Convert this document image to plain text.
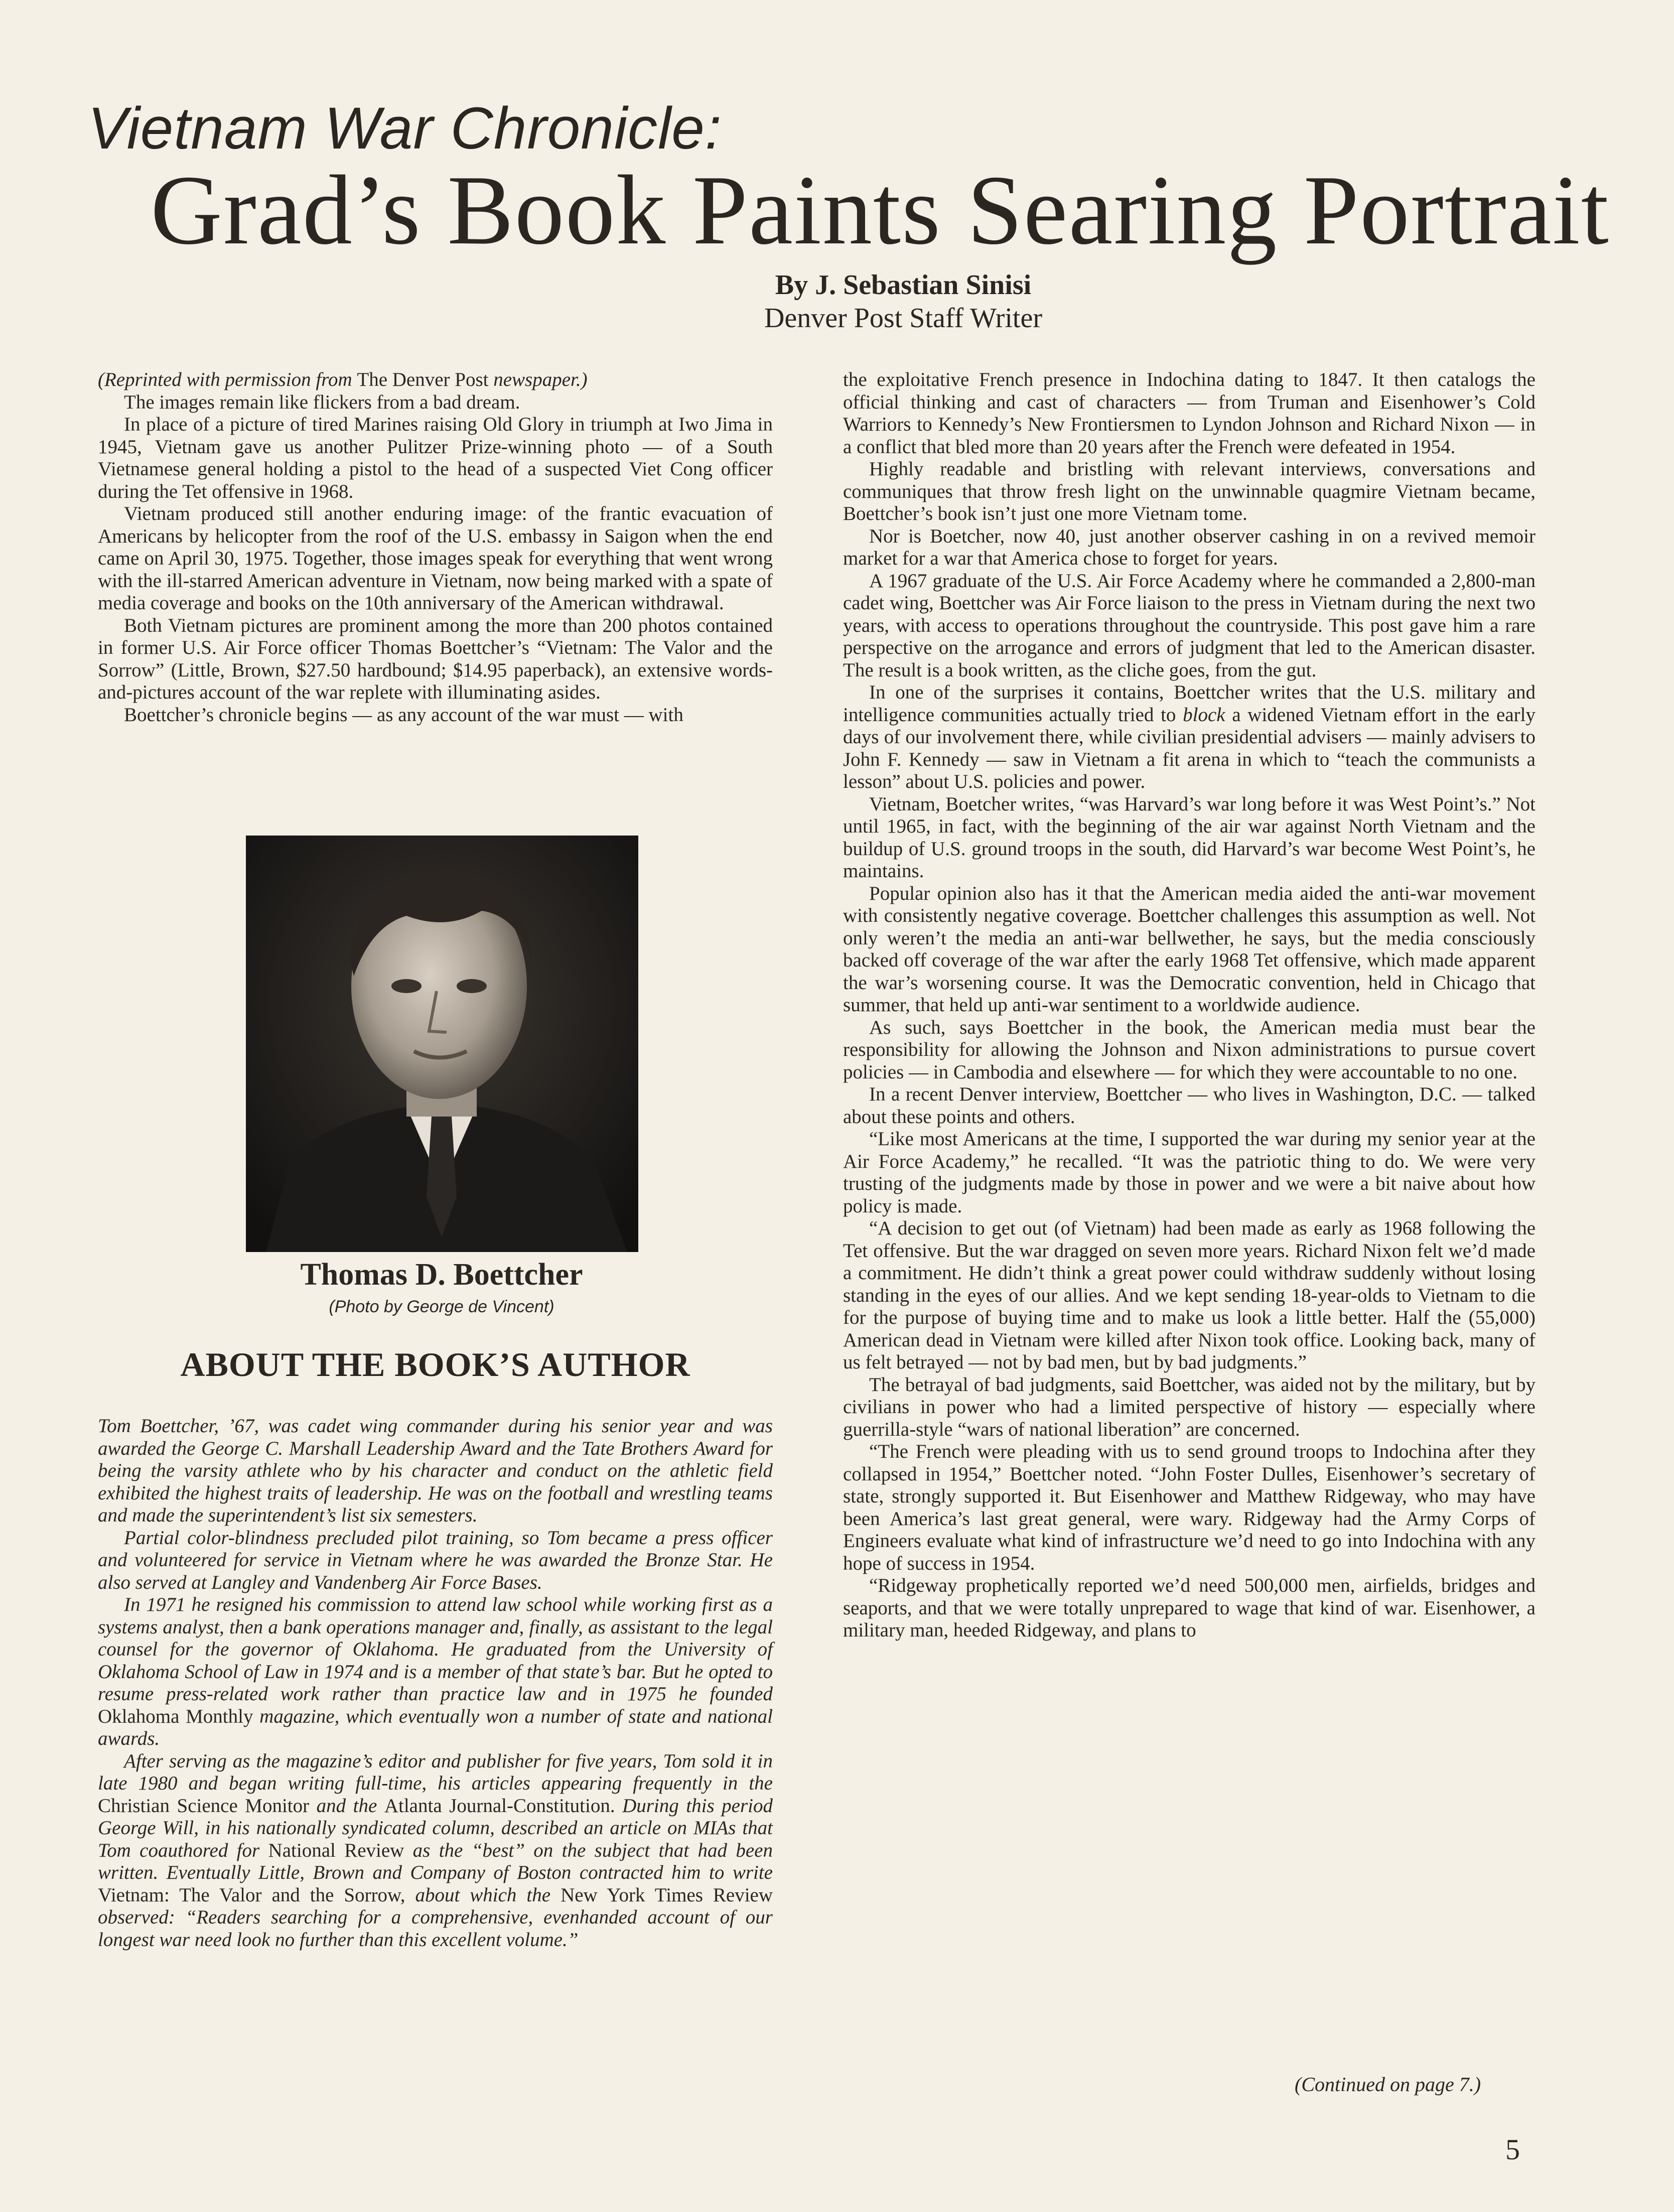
Vietnam War Chronicle:
Grad’s Book Paints Searing Portrait
By J. Sebastian Sinisi
Denver Post Staff Writer

(Reprinted with permission from The Denver Post newspaper.)

The images remain like flickers from a bad dream.

In place of a picture of tired Marines raising Old Glory in triumph at Iwo Jima in 1945, Vietnam gave us another Pulitzer Prize-winning photo — of a South Vietnamese general holding a pistol to the head of a suspected Viet Cong officer during the Tet offensive in 1968.

Vietnam produced still another enduring image: of the frantic evacuation of Americans by helicopter from the roof of the U.S. embassy in Saigon when the end came on April 30, 1975. Together, those images speak for everything that went wrong with the ill-starred American adventure in Vietnam, now being marked with a spate of media coverage and books on the 10th anniversary of the American withdrawal.

Both Vietnam pictures are prominent among the more than 200 photos contained in former U.S. Air Force officer Thomas Boettcher’s “Vietnam: The Valor and the Sorrow” (Little, Brown, $27.50 hardbound; $14.95 paperback), an extensive words-and-pictures account of the war replete with illuminating asides.

Boettcher’s chronicle begins — as any account of the war must — with

Thomas D. Boettcher
(Photo by George de Vincent)
ABOUT THE BOOK’S AUTHOR

Tom Boettcher, ’67, was cadet wing commander during his senior year and was awarded the George C. Marshall Leadership Award and the Tate Brothers Award for being the varsity athlete who by his character and conduct on the athletic field exhibited the highest traits of leadership. He was on the football and wrestling teams and made the superintendent’s list six semesters.

Partial color-blindness precluded pilot training, so Tom became a press officer and volunteered for service in Vietnam where he was awarded the Bronze Star. He also served at Langley and Vandenberg Air Force Bases.

In 1971 he resigned his commission to attend law school while working first as a systems analyst, then a bank operations manager and, finally, as assistant to the legal counsel for the governor of Oklahoma. He graduated from the University of Oklahoma School of Law in 1974 and is a member of that state’s bar. But he opted to resume press-related work rather than practice law and in 1975 he founded Oklahoma Monthly magazine, which eventually won a number of state and national awards.

After serving as the magazine’s editor and publisher for five years, Tom sold it in late 1980 and began writing full-time, his articles appearing frequently in the Christian Science Monitor and the Atlanta Journal-Constitution. During this period George Will, in his nationally syndicated column, described an article on MIAs that Tom coauthored for National Review as the “best” on the subject that had been written. Eventually Little, Brown and Company of Boston contracted him to write Vietnam: The Valor and the Sorrow, about which the New York Times Review observed: “Readers searching for a comprehensive, evenhanded account of our longest war need look no further than this excellent volume.”

the exploitative French presence in Indochina dating to 1847. It then catalogs the official thinking and cast of characters — from Truman and Eisenhower’s Cold Warriors to Kennedy’s New Frontiersmen to Lyndon Johnson and Richard Nixon — in a conflict that bled more than 20 years after the French were defeated in 1954.

Highly readable and bristling with relevant interviews, conversations and communiques that throw fresh light on the unwinnable quagmire Vietnam became, Boettcher’s book isn’t just one more Vietnam tome.

Nor is Boetcher, now 40, just another observer cashing in on a revived memoir market for a war that America chose to forget for years.

A 1967 graduate of the U.S. Air Force Academy where he commanded a 2,800-man cadet wing, Boettcher was Air Force liaison to the press in Vietnam during the next two years, with access to operations throughout the countryside. This post gave him a rare perspective on the arrogance and errors of judgment that led to the American disaster. The result is a book written, as the cliche goes, from the gut.

In one of the surprises it contains, Boettcher writes that the U.S. military and intelligence communities actually tried to block a widened Vietnam effort in the early days of our involvement there, while civilian presidential advisers — mainly advisers to John F. Kennedy — saw in Vietnam a fit arena in which to “teach the communists a lesson” about U.S. policies and power.

Vietnam, Boetcher writes, “was Harvard’s war long before it was West Point’s.” Not until 1965, in fact, with the beginning of the air war against North Vietnam and the buildup of U.S. ground troops in the south, did Harvard’s war become West Point’s, he maintains.

Popular opinion also has it that the American media aided the anti-war movement with consistently negative coverage. Boettcher challenges this assumption as well. Not only weren’t the media an anti-war bellwether, he says, but the media consciously backed off coverage of the war after the early 1968 Tet offensive, which made apparent the war’s worsening course. It was the Democratic convention, held in Chicago that summer, that held up anti-war sentiment to a worldwide audience.

As such, says Boettcher in the book, the American media must bear the responsibility for allowing the Johnson and Nixon administrations to pursue covert policies — in Cambodia and elsewhere — for which they were accountable to no one.

In a recent Denver interview, Boettcher — who lives in Washington, D.C. — talked about these points and others.

“Like most Americans at the time, I supported the war during my senior year at the Air Force Academy,” he recalled. “It was the patriotic thing to do. We were very trusting of the judgments made by those in power and we were a bit naive about how policy is made.

“A decision to get out (of Vietnam) had been made as early as 1968 following the Tet offensive. But the war dragged on seven more years. Richard Nixon felt we’d made a commitment. He didn’t think a great power could withdraw suddenly without losing standing in the eyes of our allies. And we kept sending 18-year-olds to Vietnam to die for the purpose of buying time and to make us look a little better. Half the (55,000) American dead in Vietnam were killed after Nixon took office. Looking back, many of us felt betrayed — not by bad men, but by bad judgments.”

The betrayal of bad judgments, said Boettcher, was aided not by the military, but by civilians in power who had a limited perspective of history — especially where guerrilla-style “wars of national liberation” are concerned.

“The French were pleading with us to send ground troops to Indochina after they collapsed in 1954,” Boettcher noted. “John Foster Dulles, Eisenhower’s secretary of state, strongly supported it. But Eisenhower and Matthew Ridgeway, who may have been America’s last great general, were wary. Ridgeway had the Army Corps of Engineers evaluate what kind of infrastructure we’d need to go into Indochina with any hope of success in 1954.

“Ridgeway prophetically reported we’d need 500,000 men, airfields, bridges and seaports, and that we were totally unprepared to wage that kind of war. Eisenhower, a military man, heeded Ridgeway, and plans to

(Continued on page 7.)
5
